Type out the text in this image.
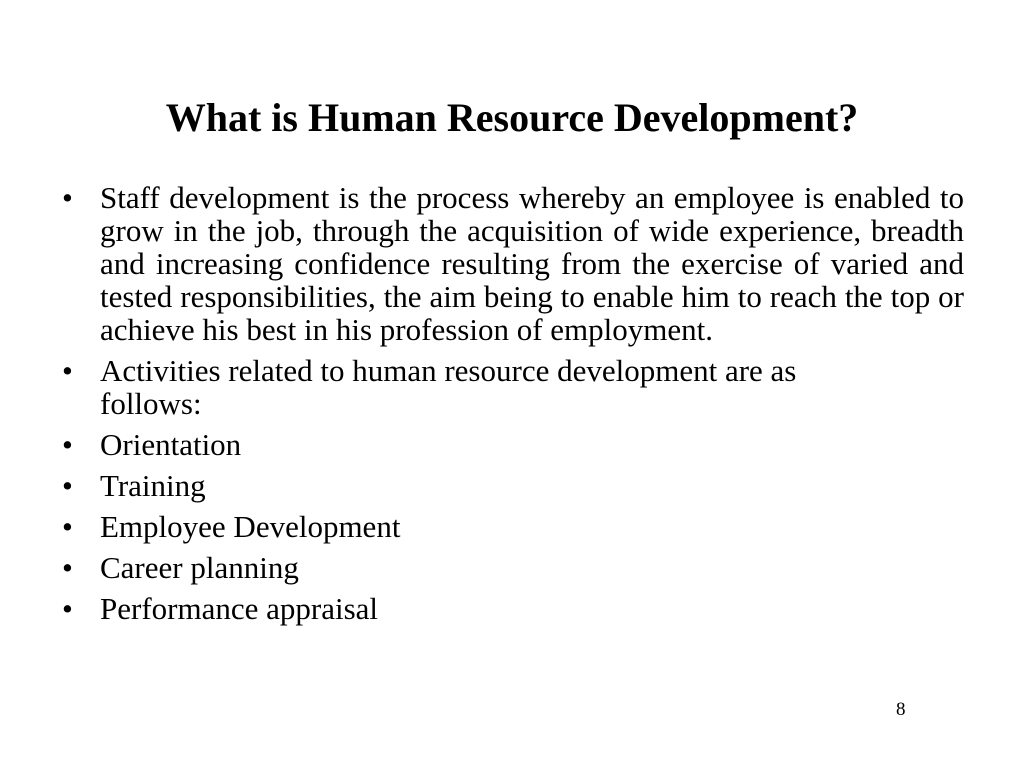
What is Human Resource Development?
• Staff development is the process whereby an employee is enabled to grow in the job, through the acquisition of wide experience, breadth and increasing confidence resulting from the exercise of varied and tested responsibilities, the aim being to enable him to reach the top or achieve his best in his profession of employment.
• Activities related to human resource development are as follows:
• Orientation
• Training
• Employee Development
• Career planning
• Performance appraisal
8
